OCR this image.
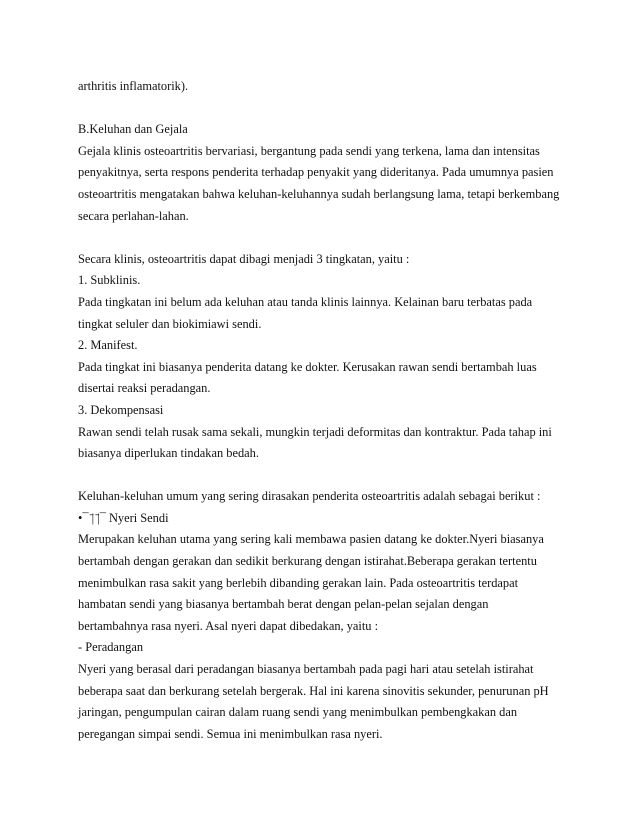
arthritis inflamatorik).
B.Keluhan dan Gejala
Gejala klinis osteoartritis bervariasi, bergantung pada sendi yang terkena, lama dan intensitas
penyakitnya, serta respons penderita terhadap penyakit yang dideritanya. Pada umumnya pasien
osteoartritis mengatakan bahwa keluhan-keluhannya sudah berlangsung lama, tetapi berkembang
secara perlahan-lahan.
Secara klinis, osteoartritis dapat dibagi menjadi 3 tingkatan, yaitu :
1. Subklinis.
Pada tingkatan ini belum ada keluhan atau tanda klinis lainnya. Kelainan baru terbatas pada
tingkat seluler dan biokimiawi sendi.
2. Manifest.
Pada tingkat ini biasanya penderita datang ke dokter. Kerusakan rawan sendi bertambah luas
disertai reaksi peradangan.
3. Dekompensasi
Rawan sendi telah rusak sama sekali, mungkin terjadi deformitas dan kontraktur. Pada tahap ini
biasanya diperlukan tindakan bedah.
Keluhan-keluhan umum yang sering dirasakan penderita osteoartritis adalah sebagai berikut :
•¯ ̄| ̄|¯ Nyeri Sendi
Merupakan keluhan utama yang sering kali membawa pasien datang ke dokter.Nyeri biasanya
bertambah dengan gerakan dan sedikit berkurang dengan istirahat.Beberapa gerakan tertentu
menimbulkan rasa sakit yang berlebih dibanding gerakan lain. Pada osteoartritis terdapat
hambatan sendi yang biasanya bertambah berat dengan pelan-pelan sejalan dengan
bertambahnya rasa nyeri. Asal nyeri dapat dibedakan, yaitu :
- Peradangan
Nyeri yang berasal dari peradangan biasanya bertambah pada pagi hari atau setelah istirahat
beberapa saat dan berkurang setelah bergerak. Hal ini karena sinovitis sekunder, penurunan pH
jaringan, pengumpulan cairan dalam ruang sendi yang menimbulkan pembengkakan dan
peregangan simpai sendi. Semua ini menimbulkan rasa nyeri.
